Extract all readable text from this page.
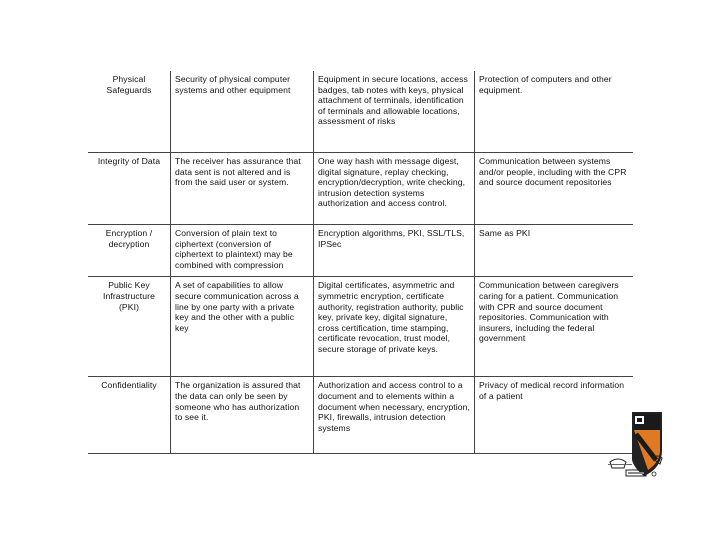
Physical Safeguards	Security of physical computer systems and other equipment	Equipment in secure locations, access badges, tab notes with keys, physical attachment of terminals, identification of terminals and allowable locations, assessment of risks	Protection of computers and other equipment.
Integrity of Data	The receiver has assurance that data sent is not altered and is from the said user or system.	One way hash with message digest, digital signature, replay checking, encryption/decryption, write checking, intrusion detection systems authorization and access control.	Communication between systems and/or people, including with the CPR and source document repositories
Encryption / decryption	Conversion of plain text to ciphertext (conversion of ciphertext to plaintext) may be combined with compression	Encryption algorithms, PKI, SSL/TLS, IPSec	Same as PKI
Public Key Infrastructure (PKI)	A set of capabilities to allow secure communication across a line by one party with a private key and the other with a public key	Digital certificates, asymmetric and symmetric encryption, certificate authority, registration authority, public key, private key, digital signature, cross certification, time stamping, certificate revocation, trust model, secure storage of private keys.	Communication between caregivers caring for a patient. Communication with CPR and source document repositories. Communication with insurers, including the federal government
Confidentiality	The organization is assured that the data can only be seen by someone who has authorization to see it.	Authorization and access control to a document and to elements within a document when necessary, encryption, PKI, firewalls, intrusion detection systems	Privacy of medical record information of a patient
